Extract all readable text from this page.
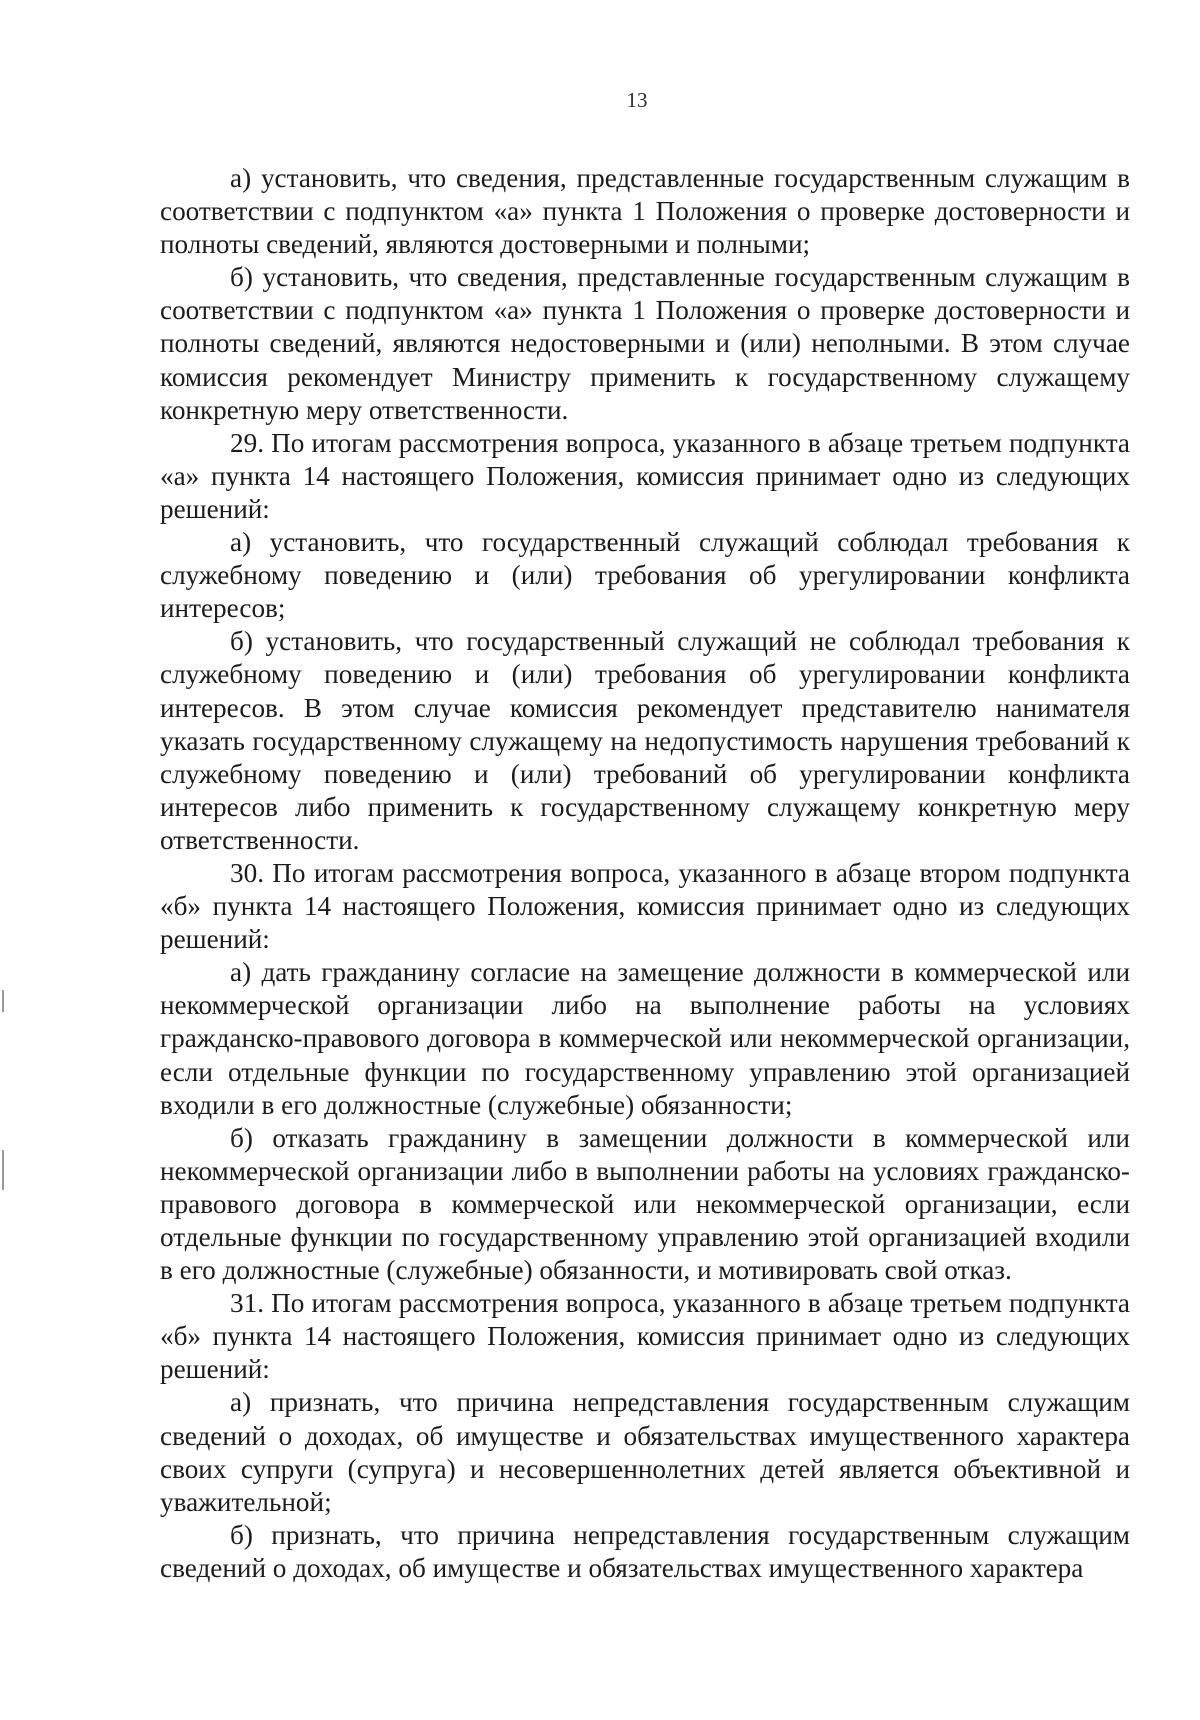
13

а) установить, что сведения, представленные государственным служащим в соответствии с подпунктом «а» пункта 1 Положения о проверке достоверности и полноты сведений, являются достоверными и полными;

б) установить, что сведения, представленные государственным служащим в соответствии с подпунктом «а» пункта 1 Положения о проверке достоверности и полноты сведений, являются недостоверными и (или) неполными. В этом случае комиссия рекомендует Министру применить к государственному служащему конкретную меру ответственности.

29. По итогам рассмотрения вопроса, указанного в абзаце третьем подпункта «а» пункта 14 настоящего Положения, комиссия принимает одно из следующих решений:

а) установить, что государственный служащий соблюдал требования к служебному поведению и (или) требования об урегулировании конфликта интересов;

б) установить, что государственный служащий не соблюдал требования к служебному поведению и (или) требования об урегулировании конфликта интересов. В этом случае комиссия рекомендует представителю нанимателя указать государственному служащему на недопустимость нарушения требований к служебному поведению и (или) требований об урегулировании конфликта интересов либо применить к государственному служащему конкретную меру ответственности.

30. По итогам рассмотрения вопроса, указанного в абзаце втором подпункта «б» пункта 14 настоящего Положения, комиссия принимает одно из следующих решений:

а) дать гражданину согласие на замещение должности в коммерческой или некоммерческой организации либо на выполнение работы на условиях гражданско-правового договора в коммерческой или некоммерческой организации, если отдельные функции по государственному управлению этой организацией входили в его должностные (служебные) обязанности;

б) отказать гражданину в замещении должности в коммерческой или некоммерческой организации либо в выполнении работы на условиях гражданско-правового договора в коммерческой или некоммерческой организации, если отдельные функции по государственному управлению этой организацией входили в его должностные (служебные) обязанности, и мотивировать свой отказ.

31. По итогам рассмотрения вопроса, указанного в абзаце третьем подпункта «б» пункта 14 настоящего Положения, комиссия принимает одно из следующих решений:

а) признать, что причина непредставления государственным служащим сведений о доходах, об имуществе и обязательствах имущественного характера своих супруги (супруга) и несовершеннолетних детей является объективной и уважительной;

б) признать, что причина непредставления государственным служащим сведений о доходах, об имуществе и обязательствах имущественного характера
